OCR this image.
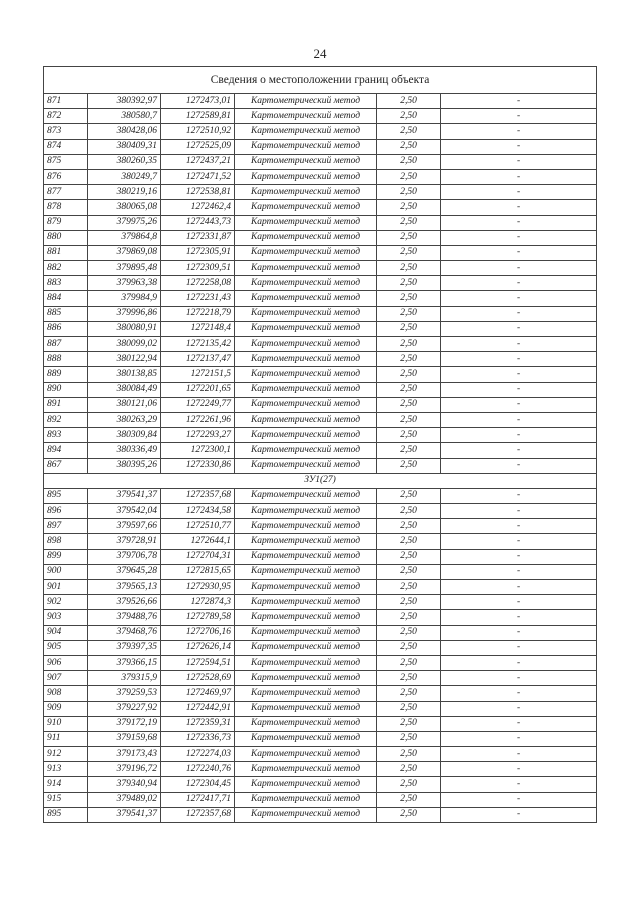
24
Сведения о местоположении границ объекта					
871	380392,97	1272473,01	Картометрический метод	2,50	-
872	380580,7	1272589,81	Картометрический метод	2,50	-
873	380428,06	1272510,92	Картометрический метод	2,50	-
874	380409,31	1272525,09	Картометрический метод	2,50	-
875	380260,35	1272437,21	Картометрический метод	2,50	-
876	380249,7	1272471,52	Картометрический метод	2,50	-
877	380219,16	1272538,81	Картометрический метод	2,50	-
878	380065,08	1272462,4	Картометрический метод	2,50	-
879	379975,26	1272443,73	Картометрический метод	2,50	-
880	379864,8	1272331,87	Картометрический метод	2,50	-
881	379869,08	1272305,91	Картометрический метод	2,50	-
882	379895,48	1272309,51	Картометрический метод	2,50	-
883	379963,38	1272258,08	Картометрический метод	2,50	-
884	379984,9	1272231,43	Картометрический метод	2,50	-
885	379996,86	1272218,79	Картометрический метод	2,50	-
886	380080,91	1272148,4	Картометрический метод	2,50	-
887	380099,02	1272135,42	Картометрический метод	2,50	-
888	380122,94	1272137,47	Картометрический метод	2,50	-
889	380138,85	1272151,5	Картометрический метод	2,50	-
890	380084,49	1272201,65	Картометрический метод	2,50	-
891	380121,06	1272249,77	Картометрический метод	2,50	-
892	380263,29	1272261,96	Картометрический метод	2,50	-
893	380309,84	1272293,27	Картометрический метод	2,50	-
894	380336,49	1272300,1	Картометрический метод	2,50	-
867	380395,26	1272330,86	Картометрический метод	2,50	-
ЗУ1(27)					
895	379541,37	1272357,68	Картометрический метод	2,50	-
896	379542,04	1272434,58	Картометрический метод	2,50	-
897	379597,66	1272510,77	Картометрический метод	2,50	-
898	379728,91	1272644,1	Картометрический метод	2,50	-
899	379706,78	1272704,31	Картометрический метод	2,50	-
900	379645,28	1272815,65	Картометрический метод	2,50	-
901	379565,13	1272930,95	Картометрический метод	2,50	-
902	379526,66	1272874,3	Картометрический метод	2,50	-
903	379488,76	1272789,58	Картометрический метод	2,50	-
904	379468,76	1272706,16	Картометрический метод	2,50	-
905	379397,35	1272626,14	Картометрический метод	2,50	-
906	379366,15	1272594,51	Картометрический метод	2,50	-
907	379315,9	1272528,69	Картометрический метод	2,50	-
908	379259,53	1272469,97	Картометрический метод	2,50	-
909	379227,92	1272442,91	Картометрический метод	2,50	-
910	379172,19	1272359,31	Картометрический метод	2,50	-
911	379159,68	1272336,73	Картометрический метод	2,50	-
912	379173,43	1272274,03	Картометрический метод	2,50	-
913	379196,72	1272240,76	Картометрический метод	2,50	-
914	379340,94	1272304,45	Картометрический метод	2,50	-
915	379489,02	1272417,71	Картометрический метод	2,50	-
895	379541,37	1272357,68	Картометрический метод	2,50	-
